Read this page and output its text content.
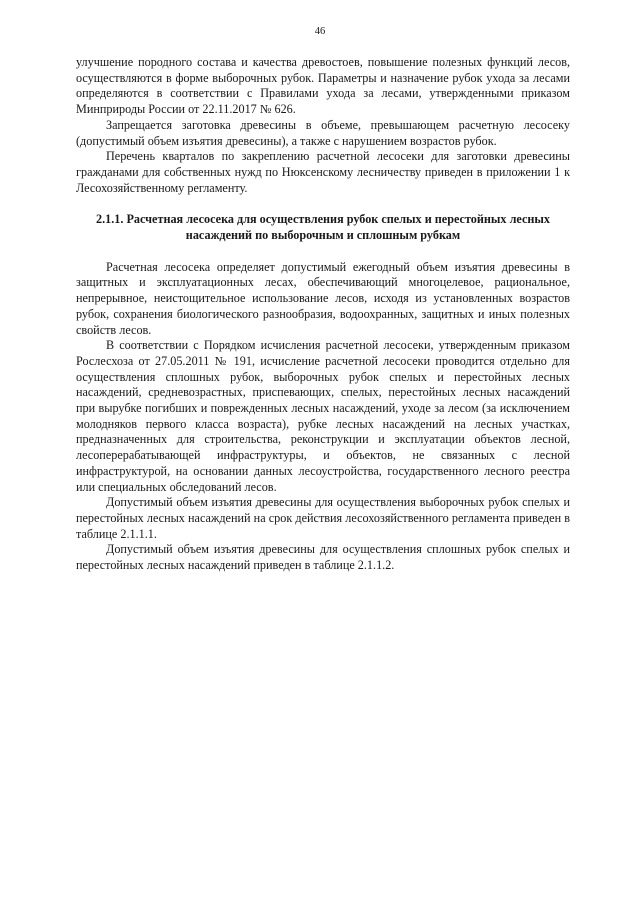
46

улучшение породного состава и качества древостоев, повышение полезных функций лесов, осуществляются в форме выборочных рубок. Параметры и назначение рубок ухода за лесами определяются в соответствии с Правилами ухода за лесами, утвержденными приказом Минприроды России от 22.11.2017 № 626.

Запрещается заготовка древесины в объеме, превышающем расчетную лесосеку (допустимый объем изъятия древесины), а также с нарушением возрастов рубок.

Перечень кварталов по закреплению расчетной лесосеки для заготовки древесины гражданами для собственных нужд по Нюксенскому лесничеству приведен в приложении 1 к Лесохозяйственному регламенту.

2.1.1. Расчетная лесосека для осуществления рубок спелых и перестойных лесных насаждений по выборочным и сплошным рубкам

Расчетная лесосека определяет допустимый ежегодный объем изъятия древесины в защитных и эксплуатационных лесах, обеспечивающий многоцелевое, рациональное, непрерывное, неистощительное использование лесов, исходя из установленных возрастов рубок, сохранения биологического разнообразия, водоохранных, защитных и иных полезных свойств лесов.

В соответствии с Порядком исчисления расчетной лесосеки, утвержденным приказом Рослесхоза от 27.05.2011 № 191, исчисление расчетной лесосеки проводится отдельно для осуществления сплошных рубок, выборочных рубок спелых и перестойных лесных насаждений, средневозрастных, приспевающих, спелых, перестойных лесных насаждений при вырубке погибших и поврежденных лесных насаждений, уходе за лесом (за исключением молодняков первого класса возраста), рубке лесных насаждений на лесных участках, предназначенных для строительства, реконструкции и эксплуатации объектов лесной, лесоперерабатывающей инфраструктуры, и объектов, не связанных с лесной инфраструктурой, на основании данных лесоустройства, государственного лесного реестра или специальных обследований лесов.

Допустимый объем изъятия древесины для осуществления выборочных рубок спелых и перестойных лесных насаждений на срок действия лесохозяйственного регламента приведен в таблице 2.1.1.1.

Допустимый объем изъятия древесины для осуществления сплошных рубок спелых и перестойных лесных насаждений приведен в таблице 2.1.1.2.
